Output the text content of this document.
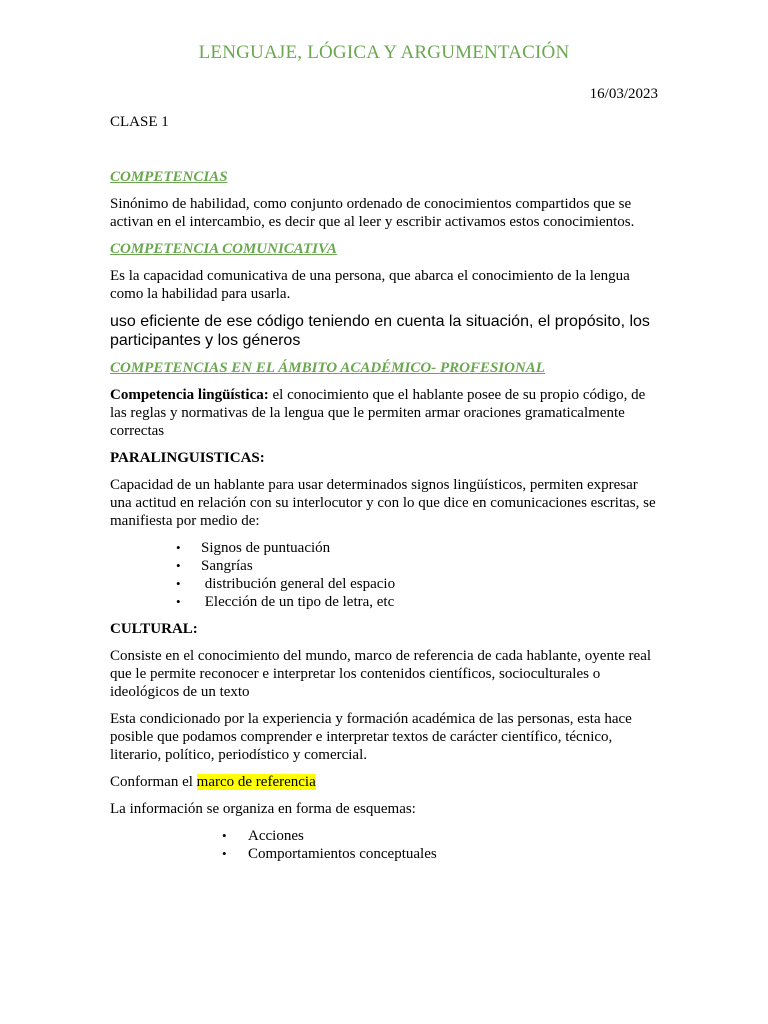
LENGUAJE, LÓGICA Y ARGUMENTACIÓN
16/03/2023
CLASE 1

COMPETENCIAS

Sinónimo de habilidad, como conjunto ordenado de conocimientos compartidos que se activan en el intercambio, es decir que al leer y escribir activamos estos conocimientos.

COMPETENCIA COMUNICATIVA

Es la capacidad comunicativa de una persona, que abarca el conocimiento de la lengua como la habilidad para usarla.

uso eficiente de ese código teniendo en cuenta la situación, el propósito, los participantes y los géneros

COMPETENCIAS EN EL ÁMBITO ACADÉMICO- PROFESIONAL

Competencia lingüística: el conocimiento que el hablante posee de su propio código, de las reglas y normativas de la lengua que le permiten armar oraciones gramaticalmente correctas

PARALINGUISTICAS:

Capacidad de un hablante para usar determinados signos lingüísticos, permiten expresar una actitud en relación con su interlocutor y con lo que dice en comunicaciones escritas, se manifiesta por medio de:

• Signos de puntuación
• Sangrías
• distribución general del espacio
• Elección de un tipo de letra, etc

CULTURAL:

Consiste en el conocimiento del mundo, marco de referencia de cada hablante, oyente real que le permite reconocer e interpretar los contenidos científicos, socioculturales o ideológicos de un texto

Esta condicionado por la experiencia y formación académica de las personas, esta hace posible que podamos comprender e interpretar textos de carácter científico, técnico, literario, político, periodístico y comercial.

Conforman el marco de referencia

La información se organiza en forma de esquemas:

• Acciones
• Comportamientos conceptuales
